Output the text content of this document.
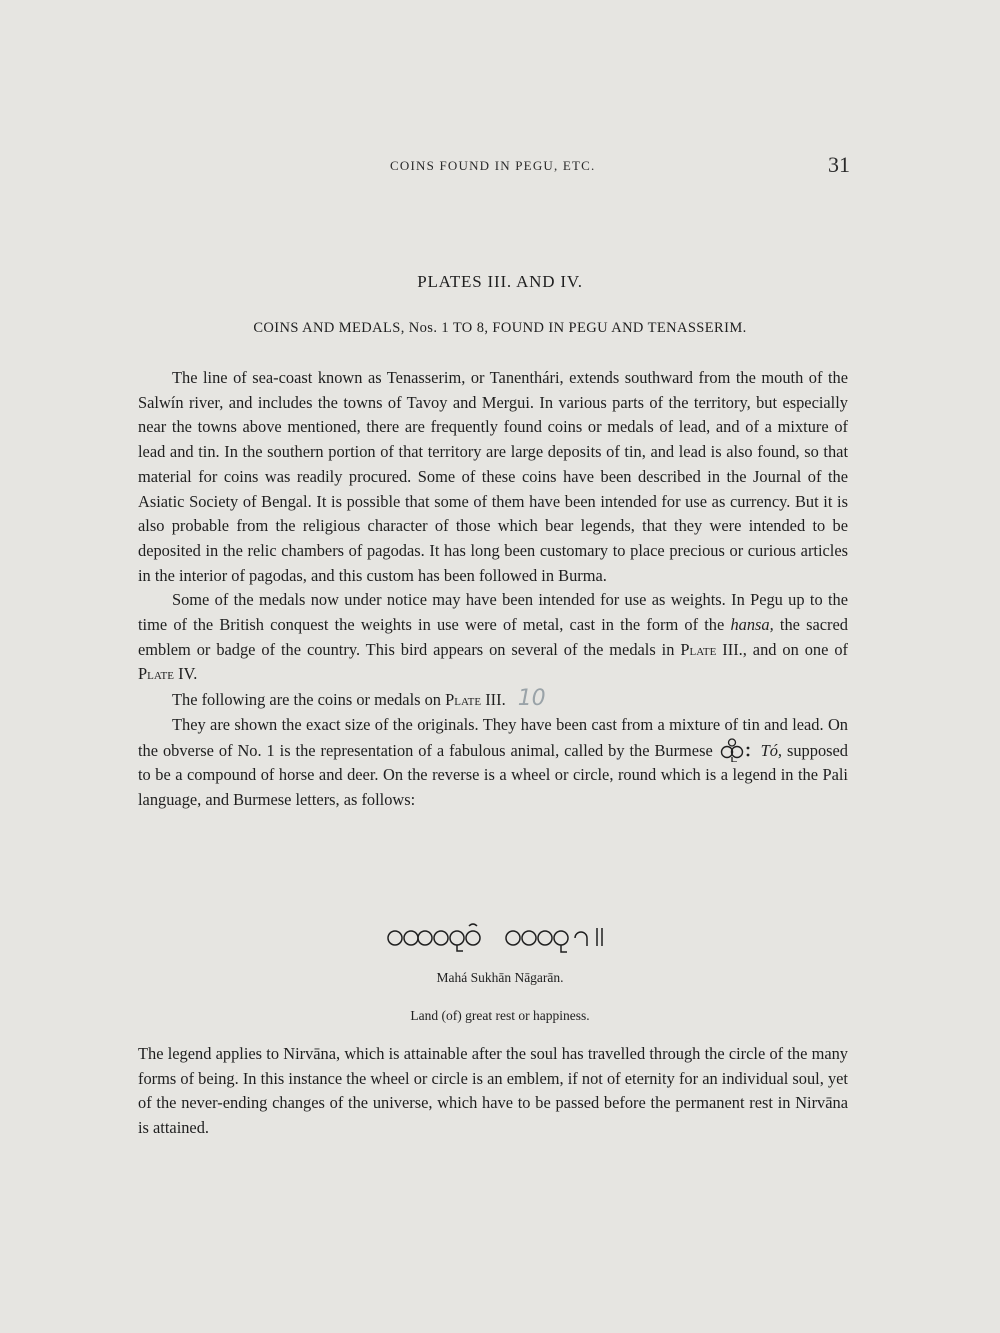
COINS FOUND IN PEGU, ETC.	31
PLATES III. AND IV.
COINS AND MEDALS, Nos. 1 TO 8, FOUND IN PEGU AND TENASSERIM.

The line of sea-coast known as Tenasserim, or Tanenthári, extends southward from the mouth of the Salwín river, and includes the towns of Tavoy and Mergui. In various parts of the territory, but especially near the towns above mentioned, there are frequently found coins or medals of lead, and of a mixture of lead and tin. In the southern portion of that territory are large deposits of tin, and lead is also found, so that material for coins was readily procured. Some of these coins have been described in the Journal of the Asiatic Society of Bengal. It is possible that some of them have been intended for use as currency. But it is also probable from the religious character of those which bear legends, that they were intended to be deposited in the relic chambers of pagodas. It has long been customary to place precious or curious articles in the interior of pagodas, and this custom has been followed in Burma.

Some of the medals now under notice may have been intended for use as weights. In Pegu up to the time of the British conquest the weights in use were of metal, cast in the form of the hansa, the sacred emblem or badge of the country. This bird appears on several of the medals in Plate III., and on one of Plate IV.

The following are the coins or medals on Plate III. 10

They are shown the exact size of the originals. They have been cast from a mixture of tin and lead. On the obverse of No. 1 is the representation of a fabulous animal, called by the Burmese	Tó, supposed to be a compound of horse and deer. On the reverse is a wheel or circle, round which is a legend in the Pali language, and Burmese letters, as follows:

Mahá Sukhān Nāgarān.
Land (of) great rest or happiness.

The legend applies to Nirvāna, which is attainable after the soul has travelled through the circle of the many forms of being. In this instance the wheel or circle is an emblem, if not of eternity for an individual soul, yet of the never-ending changes of the universe, which have to be passed before the permanent rest in Nirvāna is attained.
